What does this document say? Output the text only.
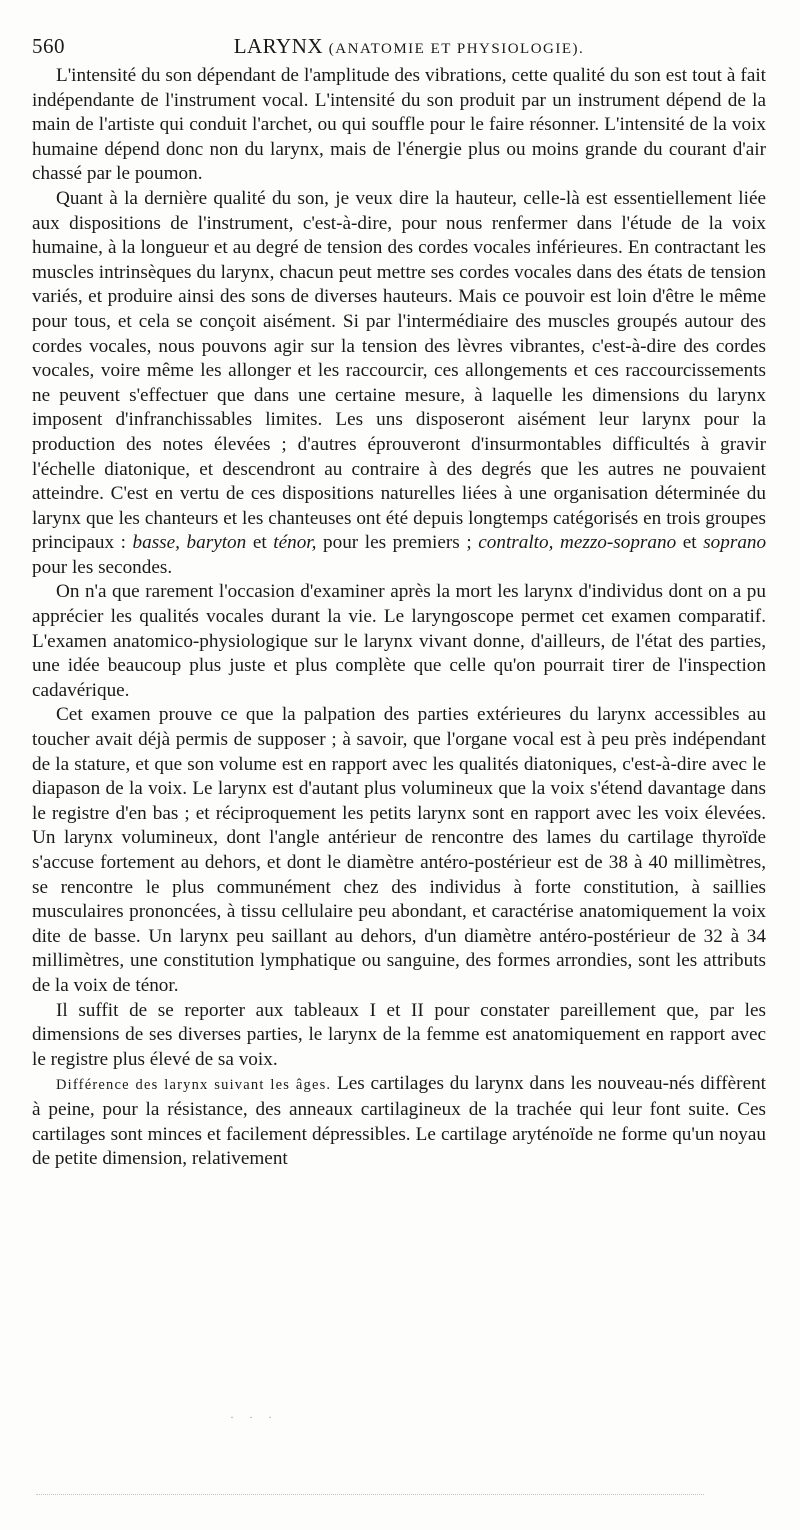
560	LARYNX (ANATOMIE ET PHYSIOLOGIE).

L'intensité du son dépendant de l'amplitude des vibrations, cette qualité du son est tout à fait indépendante de l'instrument vocal. L'intensité du son produit par un instrument dépend de la main de l'artiste qui conduit l'archet, ou qui souffle pour le faire résonner. L'intensité de la voix humaine dépend donc non du larynx, mais de l'énergie plus ou moins grande du courant d'air chassé par le poumon.

Quant à la dernière qualité du son, je veux dire la hauteur, celle-là est essentiellement liée aux dispositions de l'instrument, c'est-à-dire, pour nous renfermer dans l'étude de la voix humaine, à la longueur et au degré de tension des cordes vocales inférieures. En contractant les muscles intrinsèques du larynx, chacun peut mettre ses cordes vocales dans des états de tension variés, et produire ainsi des sons de diverses hauteurs. Mais ce pouvoir est loin d'être le même pour tous, et cela se conçoit aisément. Si par l'intermédiaire des muscles groupés autour des cordes vocales, nous pouvons agir sur la tension des lèvres vibrantes, c'est-à-dire des cordes vocales, voire même les allonger et les raccourcir, ces allongements et ces raccourcissements ne peuvent s'effectuer que dans une certaine mesure, à laquelle les dimensions du larynx imposent d'infranchissables limites. Les uns disposeront aisément leur larynx pour la production des notes élevées ; d'autres éprouveront d'insurmontables difficultés à gravir l'échelle diatonique, et descendront au contraire à des degrés que les autres ne pouvaient atteindre. C'est en vertu de ces dispositions naturelles liées à une organisation déterminée du larynx que les chanteurs et les chanteuses ont été depuis longtemps catégorisés en trois groupes principaux : basse, baryton et ténor, pour les premiers ; contralto, mezzo-soprano et soprano pour les secondes.

On n'a que rarement l'occasion d'examiner après la mort les larynx d'individus dont on a pu apprécier les qualités vocales durant la vie. Le laryngoscope permet cet examen comparatif. L'examen anatomico-physiologique sur le larynx vivant donne, d'ailleurs, de l'état des parties, une idée beaucoup plus juste et plus complète que celle qu'on pourrait tirer de l'inspection cadavérique.

Cet examen prouve ce que la palpation des parties extérieures du larynx accessibles au toucher avait déjà permis de supposer ; à savoir, que l'organe vocal est à peu près indépendant de la stature, et que son volume est en rapport avec les qualités diatoniques, c'est-à-dire avec le diapason de la voix. Le larynx est d'autant plus volumineux que la voix s'étend davantage dans le registre d'en bas ; et réciproquement les petits larynx sont en rapport avec les voix élevées. Un larynx volumineux, dont l'angle antérieur de rencontre des lames du cartilage thyroïde s'accuse fortement au dehors, et dont le diamètre antéro-postérieur est de 38 à 40 millimètres, se rencontre le plus communément chez des individus à forte constitution, à saillies musculaires prononcées, à tissu cellulaire peu abondant, et caractérise anatomiquement la voix dite de basse. Un larynx peu saillant au dehors, d'un diamètre antéro-postérieur de 32 à 34 millimètres, une constitution lymphatique ou sanguine, des formes arrondies, sont les attributs de la voix de ténor.

Il suffit de se reporter aux tableaux I et II pour constater pareillement que, par les dimensions de ses diverses parties, le larynx de la femme est anatomiquement en rapport avec le registre plus élevé de sa voix.

Différence des larynx suivant les âges. Les cartilages du larynx dans les nouveau-nés diffèrent à peine, pour la résistance, des anneaux cartilagineux de la trachée qui leur font suite. Ces cartilages sont minces et facilement dépressibles. Le cartilage aryténoïde ne forme qu'un noyau de petite dimension, relativement

· · ·
